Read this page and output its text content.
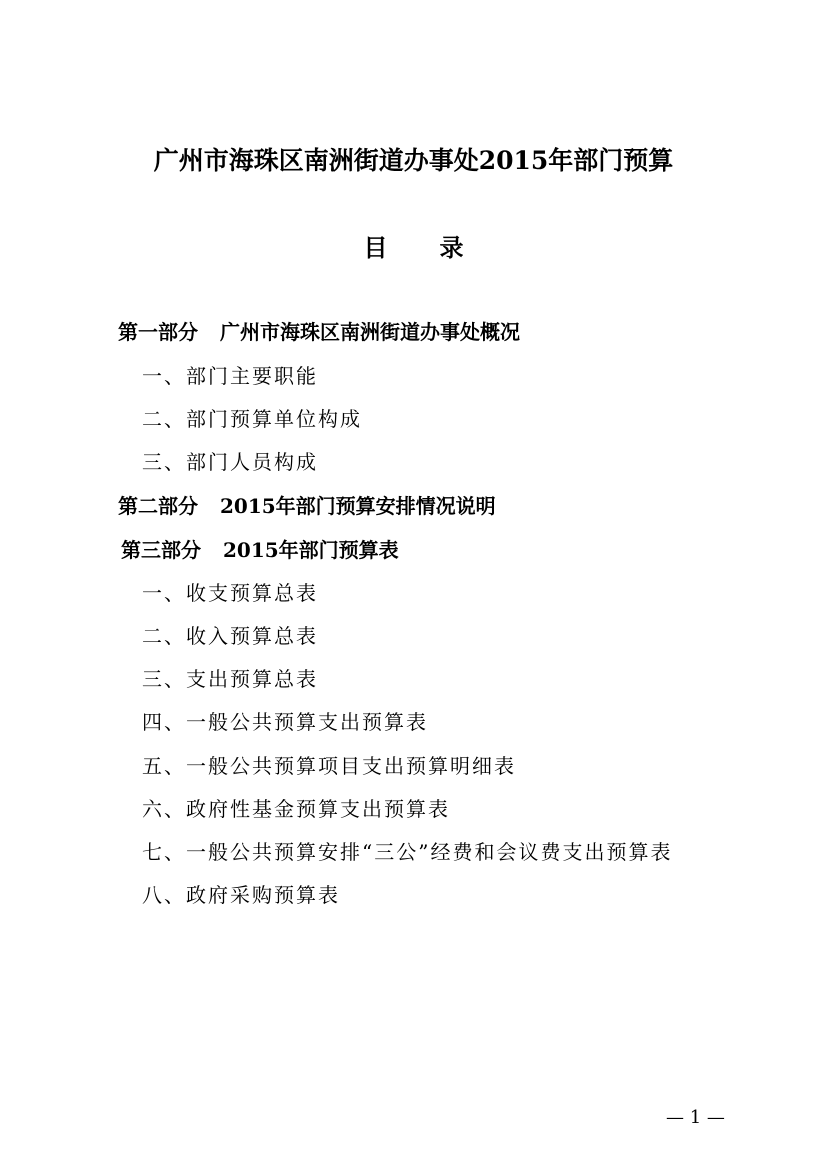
广州市海珠区南洲街道办事处2015年部门预算
目 录
第一部分 广州市海珠区南洲街道办事处概况
一、部门主要职能
二、部门预算单位构成
三、部门人员构成
第二部分 2015年部门预算安排情况说明
第三部分 2015年部门预算表
一、收支预算总表
二、收入预算总表
三、支出预算总表
四、一般公共预算支出预算表
五、一般公共预算项目支出预算明细表
六、政府性基金预算支出预算表
七、一般公共预算安排“三公”经费和会议费支出预算表
八、政府采购预算表
— 1 —
